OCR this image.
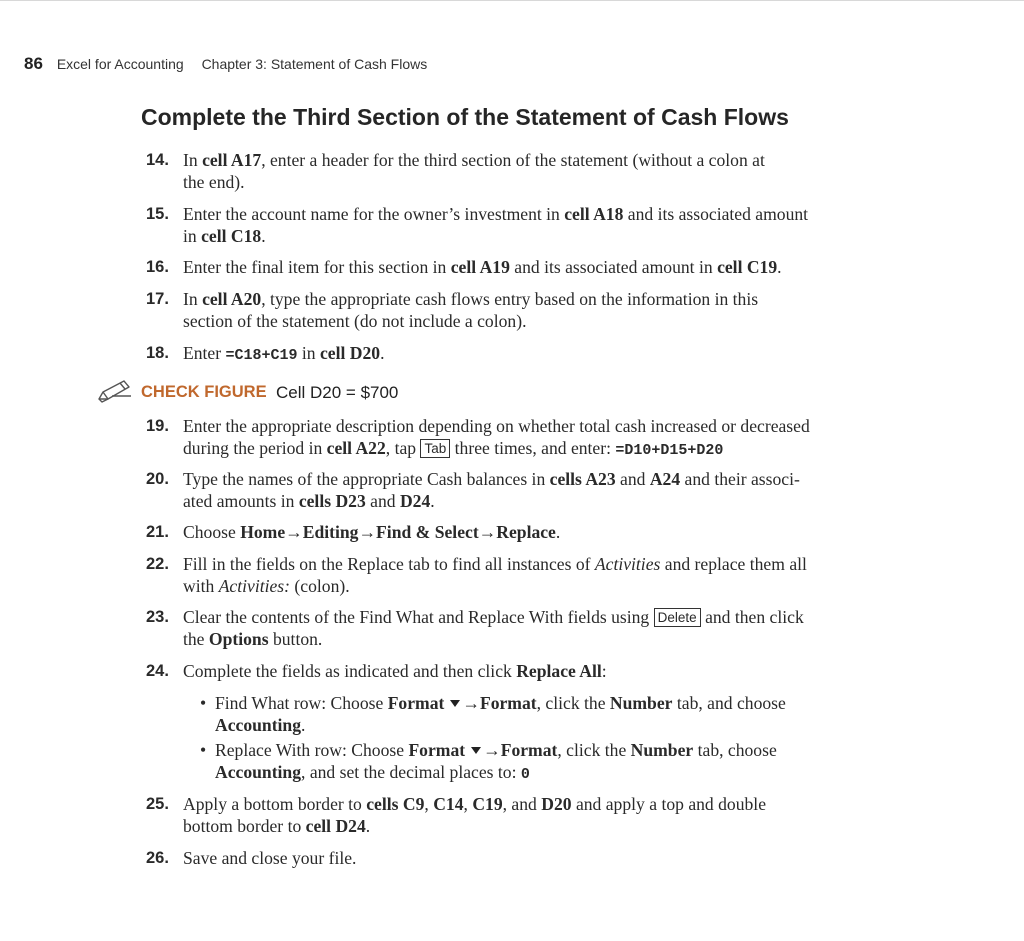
86 Excel for Accounting Chapter 3: Statement of Cash Flows
Complete the Third Section of the Statement of Cash Flows
14. In cell A17, enter a header for the third section of the statement (without a colon at
the end).
15. Enter the account name for the owner’s investment in cell A18 and its associated amount
in cell C18.
16. Enter the final item for this section in cell A19 and its associated amount in cell C19.
17. In cell A20, type the appropriate cash flows entry based on the information in this
section of the statement (do not include a colon).
18. Enter =C18+C19 in cell D20.
CHECK FIGURE Cell D20 = $700
19. Enter the appropriate description depending on whether total cash increased or decreased
during the period in cell A22, tap Tab three times, and enter: =D10+D15+D20
20. Type the names of the appropriate Cash balances in cells A23 and A24 and their associ-
ated amounts in cells D23 and D24.
21. Choose Home→Editing→Find & Select→Replace.
22. Fill in the fields on the Replace tab to find all instances of Activities and replace them all
with Activities: (colon).
23. Clear the contents of the Find What and Replace With fields using Delete and then click
the Options button.
24. Complete the fields as indicated and then click Replace All:
• Find What row: Choose Format →Format, click the Number tab, and choose
Accounting.
• Replace With row: Choose Format →Format, click the Number tab, choose
Accounting, and set the decimal places to: 0
25. Apply a bottom border to cells C9, C14, C19, and D20 and apply a top and double
bottom border to cell D24.
26. Save and close your file.
